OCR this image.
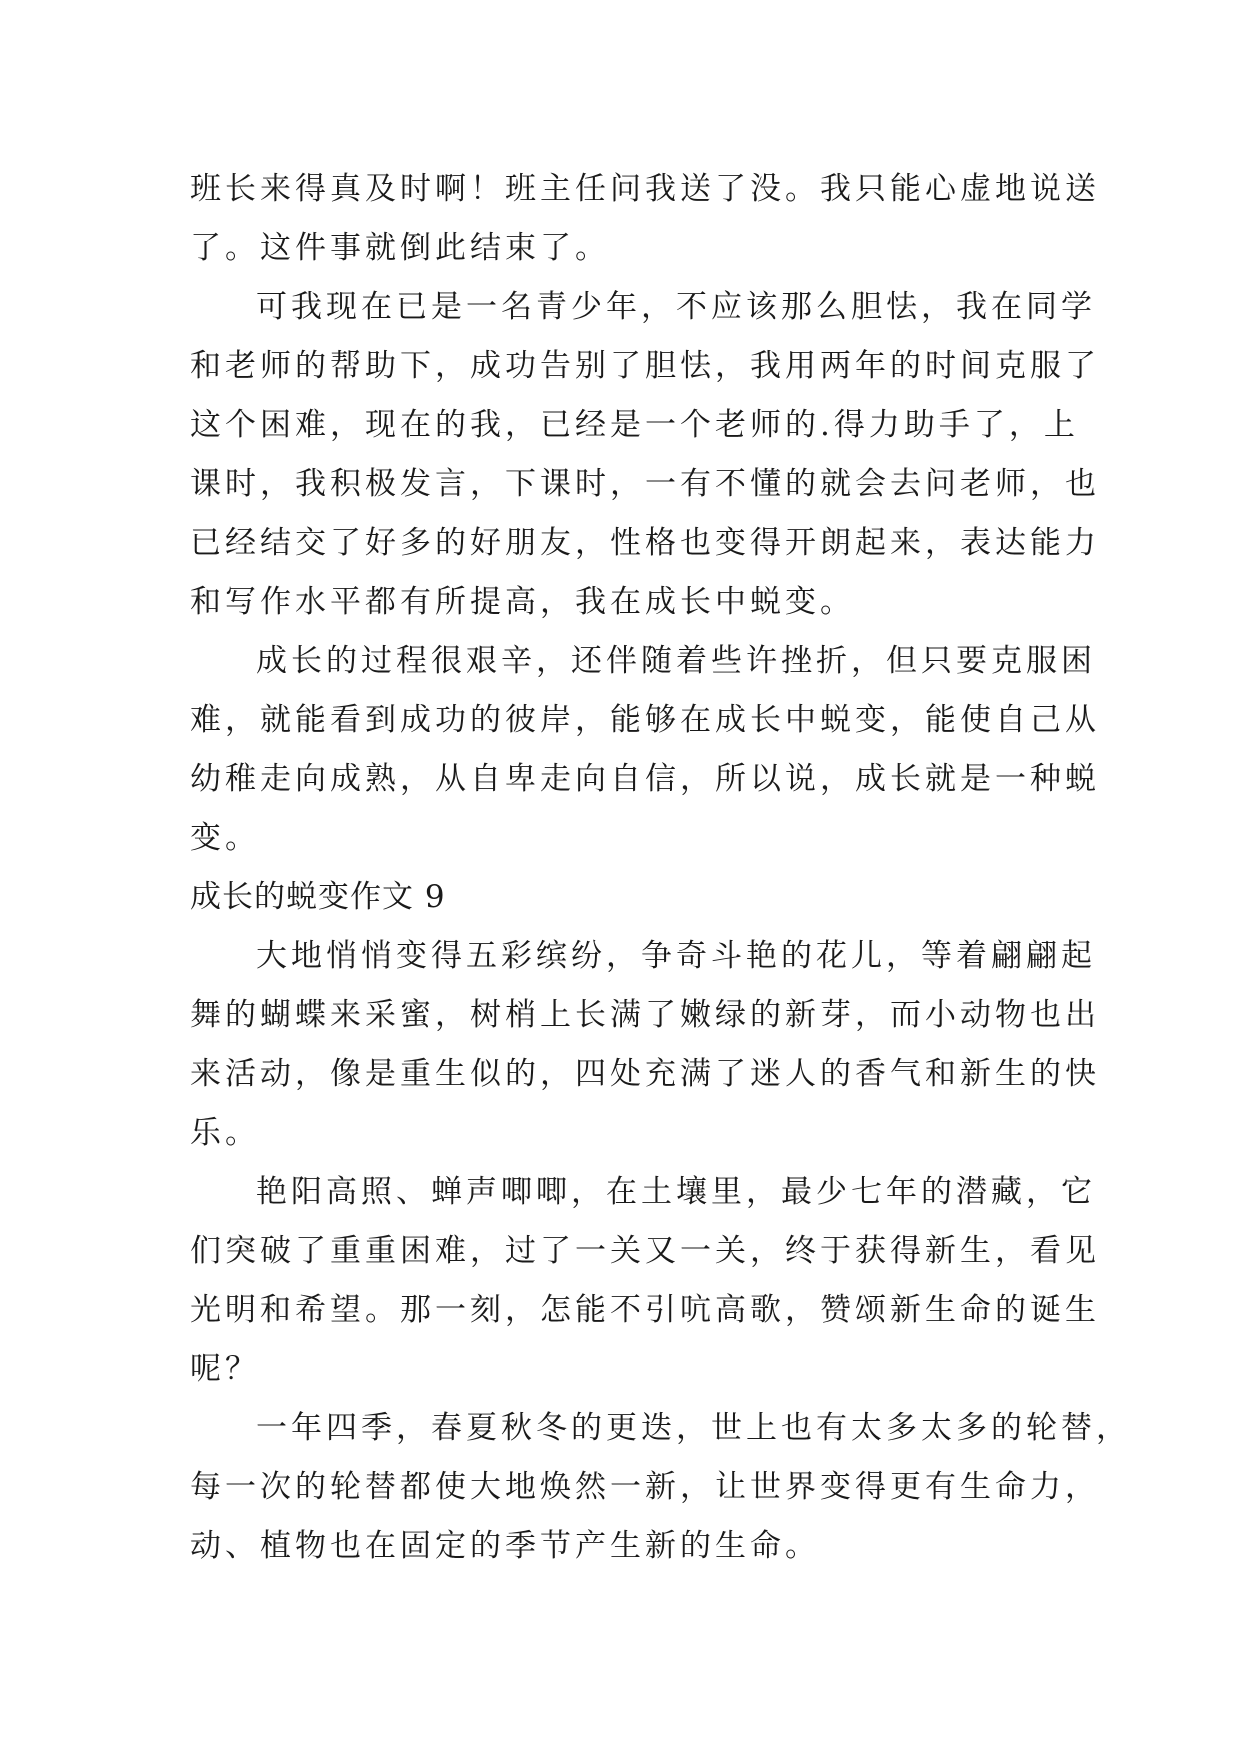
班长来得真及时啊！班主任问我送了没。我只能心虚地说送
了。这件事就倒此结束了。
可我现在已是一名青少年，不应该那么胆怯，我在同学
和老师的帮助下，成功告别了胆怯，我用两年的时间克服了
这个困难，现在的我，已经是一个老师的.得力助手了，上
课时，我积极发言，下课时，一有不懂的就会去问老师，也
已经结交了好多的好朋友，性格也变得开朗起来，表达能力
和写作水平都有所提高，我在成长中蜕变。
成长的过程很艰辛，还伴随着些许挫折，但只要克服困
难，就能看到成功的彼岸，能够在成长中蜕变，能使自己从
幼稚走向成熟，从自卑走向自信，所以说，成长就是一种蜕
变。
成长的蜕变作文 9
大地悄悄变得五彩缤纷，争奇斗艳的花儿，等着翩翩起
舞的蝴蝶来采蜜，树梢上长满了嫩绿的新芽，而小动物也出
来活动，像是重生似的，四处充满了迷人的香气和新生的快
乐。
艳阳高照、蝉声唧唧，在土壤里，最少七年的潜藏，它
们突破了重重困难，过了一关又一关，终于获得新生，看见
光明和希望。那一刻，怎能不引吭高歌，赞颂新生命的诞生
呢？
一年四季，春夏秋冬的更迭，世上也有太多太多的轮替，
每一次的轮替都使大地焕然一新，让世界变得更有生命力，
动、植物也在固定的季节产生新的生命。
